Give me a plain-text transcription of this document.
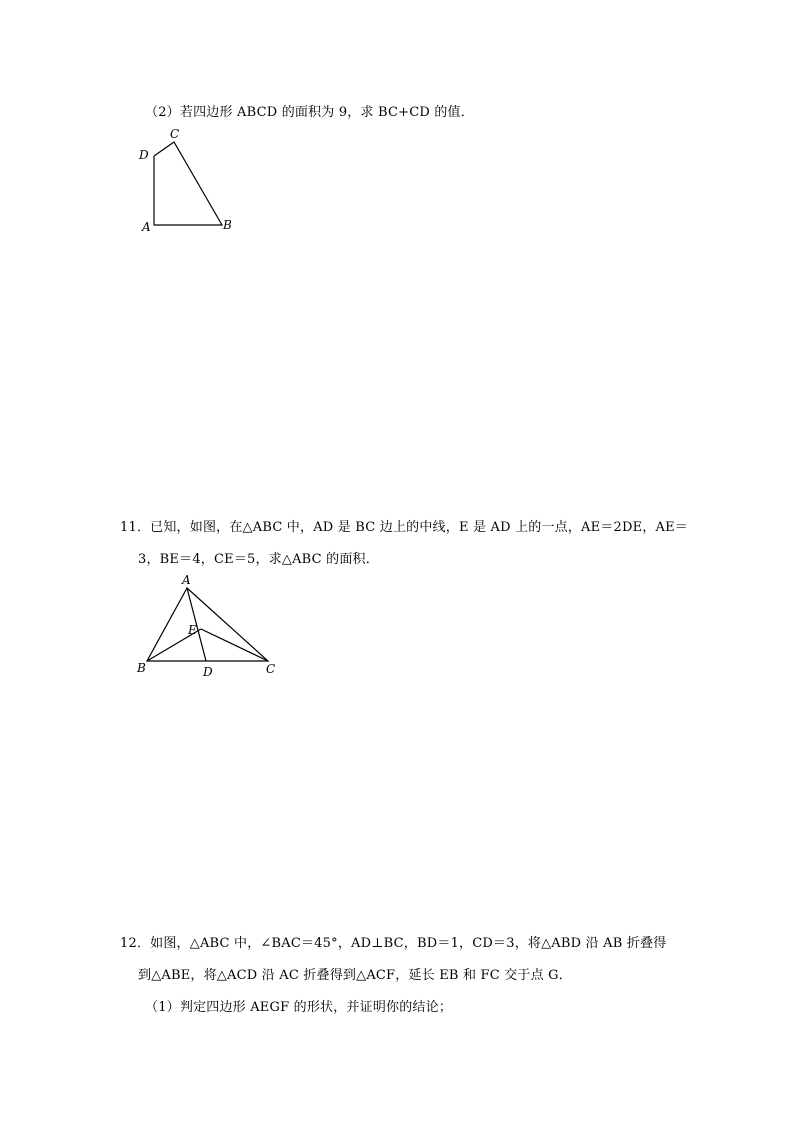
（2）若四边形 ABCD 的面积为 9，求 BC+CD 的值．
C
D
A	B
11．已知，如图，在△ABC 中，AD 是 BC 边上的中线，E 是 AD 上的一点，AE＝2DE，AE＝
3，BE＝4，CE＝5，求△ABC 的面积．
A
E
B	D	C
12．如图，△ABC 中，∠BAC＝45°，AD⊥BC，BD＝1，CD＝3，将△ABD 沿 AB 折叠得
到△ABE，将△ACD 沿 AC 折叠得到△ACF，延长 EB 和 FC 交于点 G．
（1）判定四边形 AEGF 的形状，并证明你的结论；
